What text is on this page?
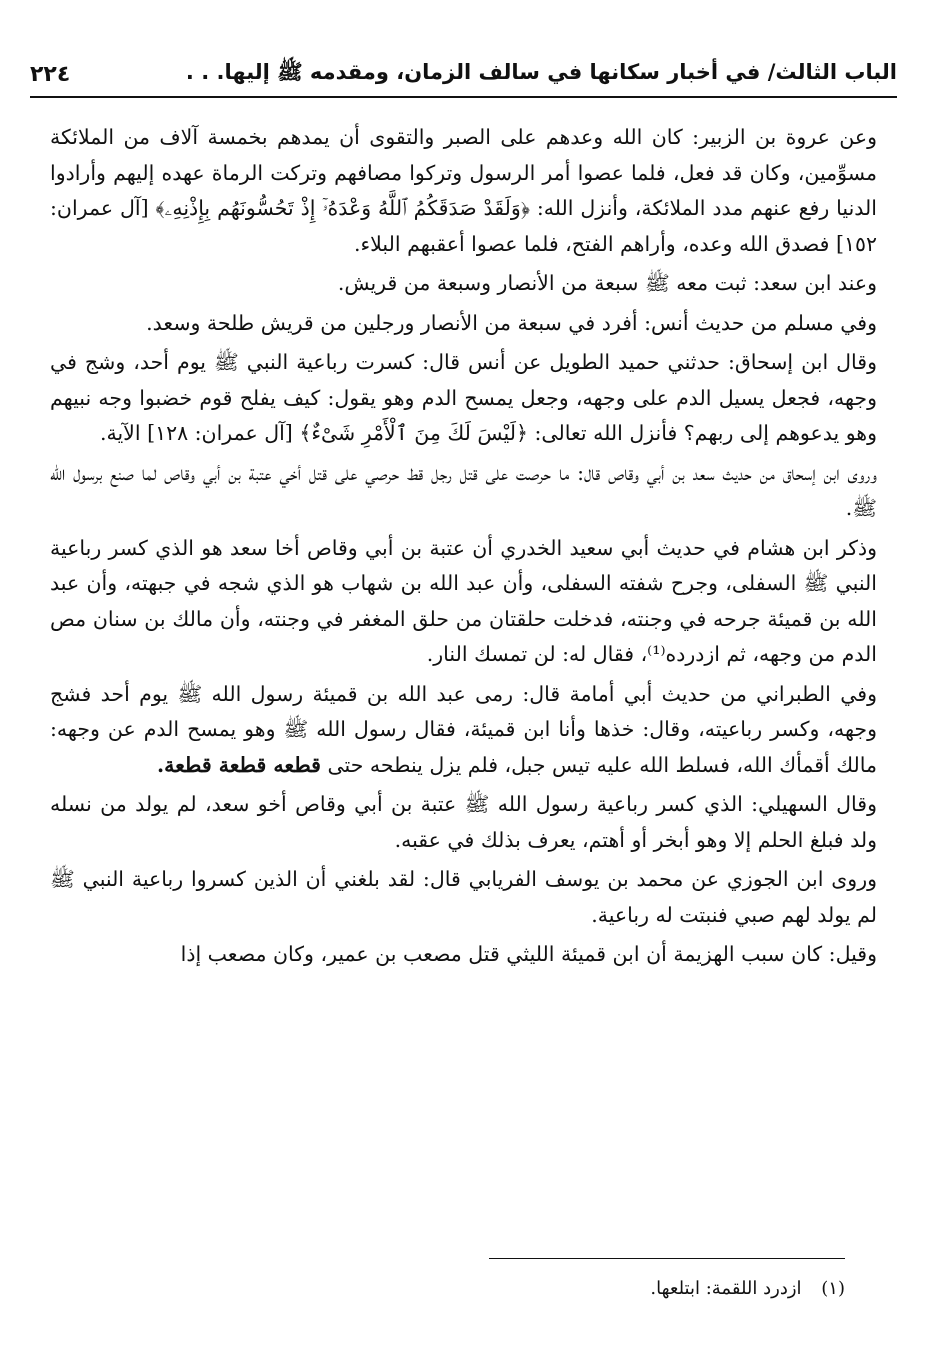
٢٢٤	الباب الثالث/ في أخبار سكانها في سالف الزمان، ومقدمه ﷺ إليها. . .

وعن عروة بن الزبير: كان الله وعدهم على الصبر والتقوى أن يمدهم بخمسة آلاف من الملائكة مسوِّمين، وكان قد فعل، فلما عصوا أمر الرسول وتركوا مصافهم وتركت الرماة عهده إليهم وأرادوا الدنيا رفع عنهم مدد الملائكة، وأنزل الله: ﴿وَلَقَدْ صَدَقَكُمُ ٱللَّهُ وَعْدَهُۥٓ إِذْ تَحُسُّونَهُم بِإِذْنِهِۦ﴾ [آل عمران: ١٥٢] فصدق الله وعده، وأراهم الفتح، فلما عصوا أعقبهم البلاء.

وعند ابن سعد: ثبت معه ﷺ سبعة من الأنصار وسبعة من قريش.

وفي مسلم من حديث أنس: أفرد في سبعة من الأنصار ورجلين من قريش طلحة وسعد.

وقال ابن إسحاق: حدثني حميد الطويل عن أنس قال: كسرت رباعية النبي ﷺ يوم أحد، وشج في وجهه، فجعل يسيل الدم على وجهه، وجعل يمسح الدم وهو يقول: كيف يفلح قوم خضبوا وجه نبيهم وهو يدعوهم إلى ربهم؟ فأنزل الله تعالى: ﴿لَيْسَ لَكَ مِنَ ٱلْأَمْرِ شَىْءٌ﴾ [آل عمران: ١٢٨] الآية.

وروى ابن إسحاق من حديث سعد بن أبي وقاص قال: ما حرصت على قتل رجل قط حرصي على قتل أخي عتبة بن أبي وقاص لما صنع برسول الله ﷺ.

وذكر ابن هشام في حديث أبي سعيد الخدري أن عتبة بن أبي وقاص أخا سعد هو الذي كسر رباعية النبي ﷺ السفلى، وجرح شفته السفلى، وأن عبد الله بن شهاب هو الذي شجه في جبهته، وأن عبد الله بن قميئة جرحه في وجنته، فدخلت حلقتان من حلق المغفر في وجنته، وأن مالك بن سنان مص الدم من وجهه، ثم ازدرده⁽¹⁾، فقال له: لن تمسك النار.

وفي الطبراني من حديث أبي أمامة قال: رمى عبد الله بن قميئة رسول الله ﷺ يوم أحد فشج وجهه، وكسر رباعيته، وقال: خذها وأنا ابن قميئة، فقال رسول الله ﷺ وهو يمسح الدم عن وجهه: مالك أقمأك الله، فسلط الله عليه تيس جبل، فلم يزل ينطحه حتى قطعه قطعة قطعة.

وقال السهيلي: الذي كسر رباعية رسول الله ﷺ عتبة بن أبي وقاص أخو سعد، لم يولد من نسله ولد فبلغ الحلم إلا وهو أبخر أو أهتم، يعرف بذلك في عقبه.

وروى ابن الجوزي عن محمد بن يوسف الفريابي قال: لقد بلغني أن الذين كسروا رباعية النبي ﷺ لم يولد لهم صبي فنبتت له رباعية.

وقيل: كان سبب الهزيمة أن ابن قميئة الليثي قتل مصعب بن عمير، وكان مصعب إذا

(١) ازدرد اللقمة: ابتلعها.
